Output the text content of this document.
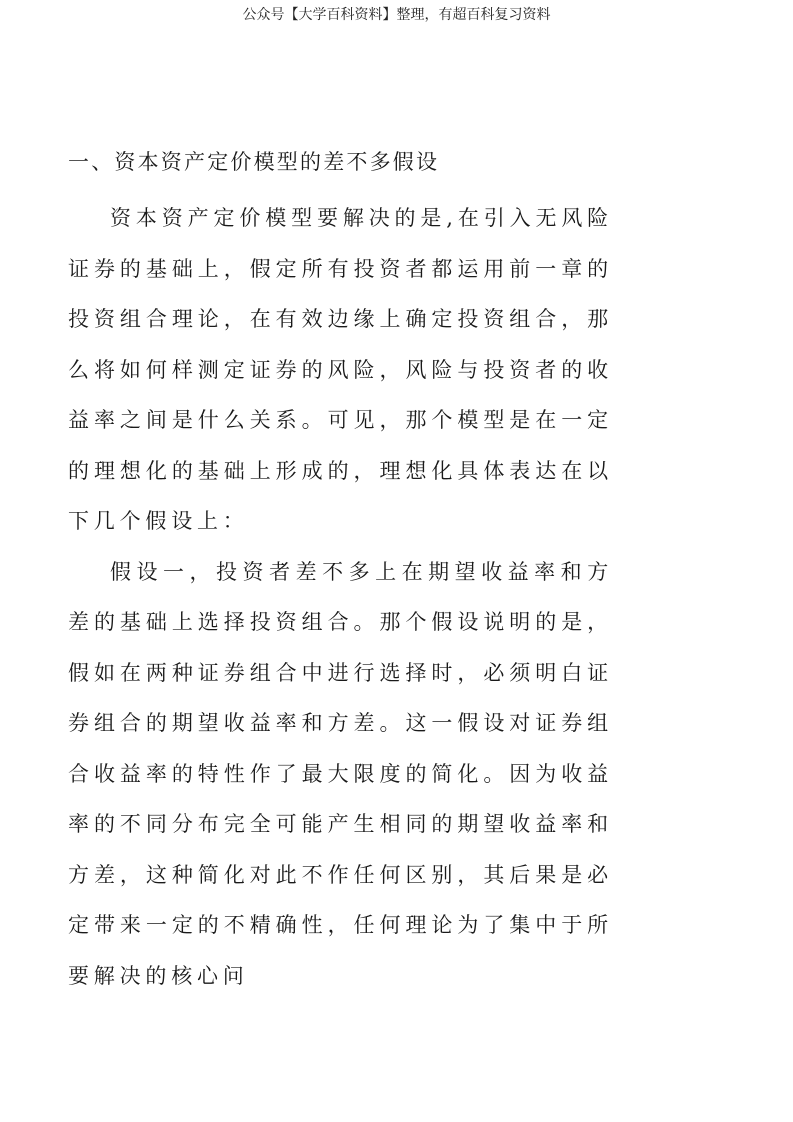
公众号【大学百科资料】整理，有超百科复习资料
一、资本资产定价模型的差不多假设

资本资产定价模型要解决的是,在引入无风险证券的基础上，假定所有投资者都运用前一章的投资组合理论，在有效边缘上确定投资组合，那么将如何样测定证券的风险，风险与投资者的收益率之间是什么关系。可见，那个模型是在一定的理想化的基础上形成的，理想化具体表达在以下几个假设上：

假设一，投资者差不多上在期望收益率和方差的基础上选择投资组合。那个假设说明的是，假如在两种证券组合中进行选择时，必须明白证券组合的期望收益率和方差。这一假设对证券组合收益率的特性作了最大限度的简化。因为收益率的不同分布完全可能产生相同的期望收益率和方差，这种简化对此不作任何区别，其后果是必定带来一定的不精确性，任何理论为了集中于所要解决的核心问
